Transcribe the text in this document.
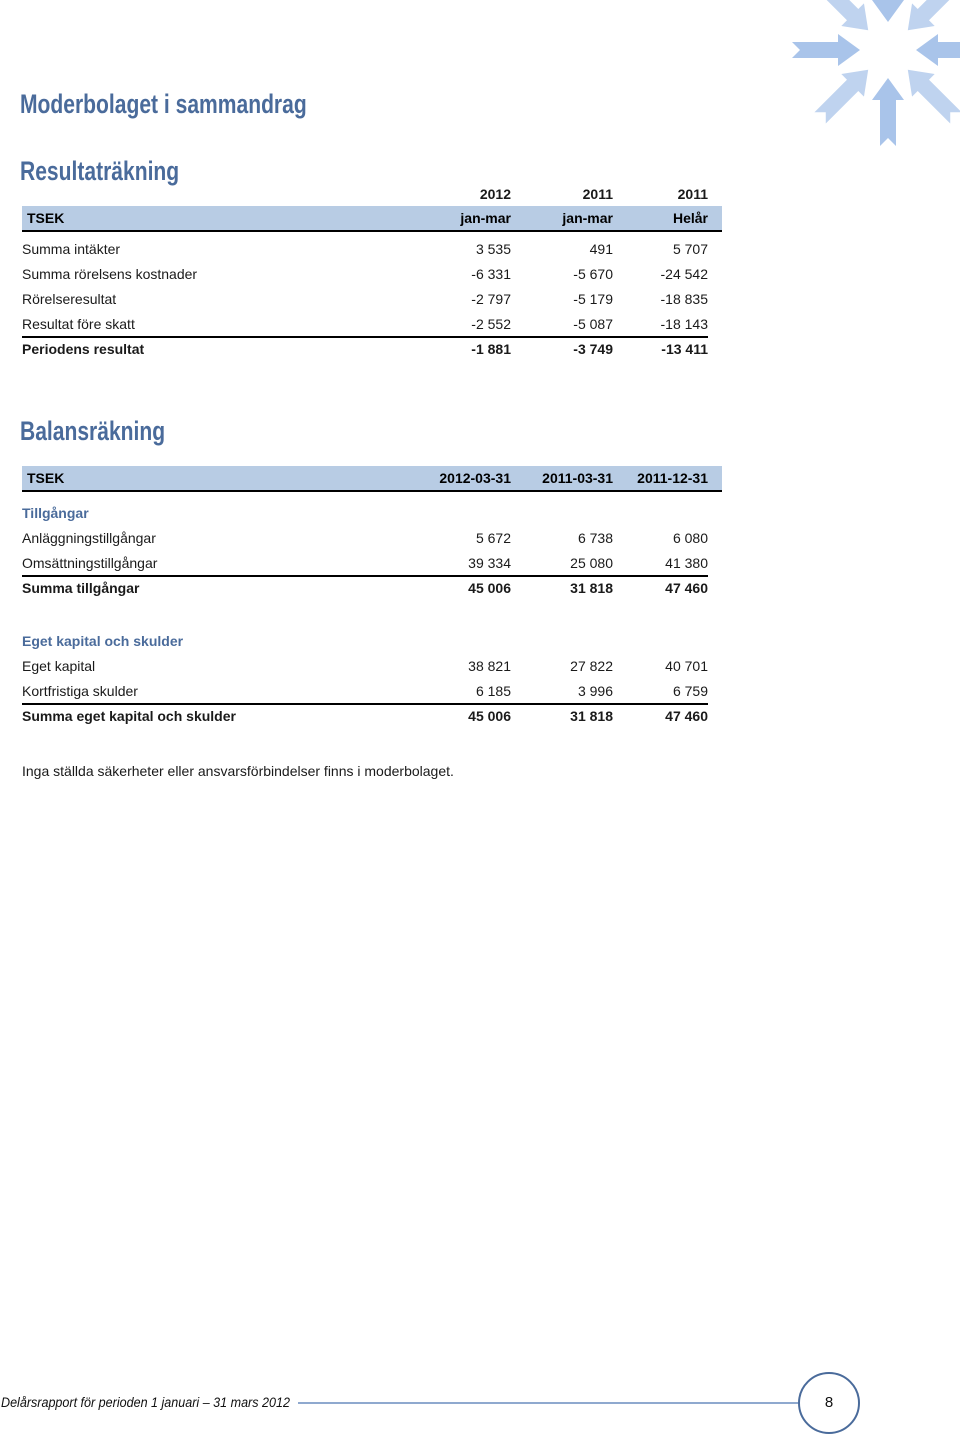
Moderbolaget i sammandrag
Resultaträkning
2012	2011	2011
TSEK	jan-mar	jan-mar	Helår
Summa intäkter	3 535	491	5 707
Summa rörelsens kostnader	-6 331	-5 670	-24 542
Rörelseresultat	-2 797	-5 179	-18 835
Resultat före skatt	-2 552	-5 087	-18 143
Periodens resultat	-1 881	-3 749	-13 411
Balansräkning
TSEK	2012-03-31 2011-03-31 2011-12-31
Tillgångar
Anläggningstillgångar	5 672	6 738	6 080
Omsättningstillgångar	39 334	25 080	41 380
Summa tillgångar	45 006	31 818	47 460
Eget kapital och skulder
Eget kapital	38 821	27 822	40 701
Kortfristiga skulder	6 185	3 996	6 759
Summa eget kapital och skulder	45 006	31 818	47 460
Inga ställda säkerheter eller ansvarsförbindelser finns i moderbolaget.
Delårsrapport för perioden 1 januari – 31 mars 2012	8
